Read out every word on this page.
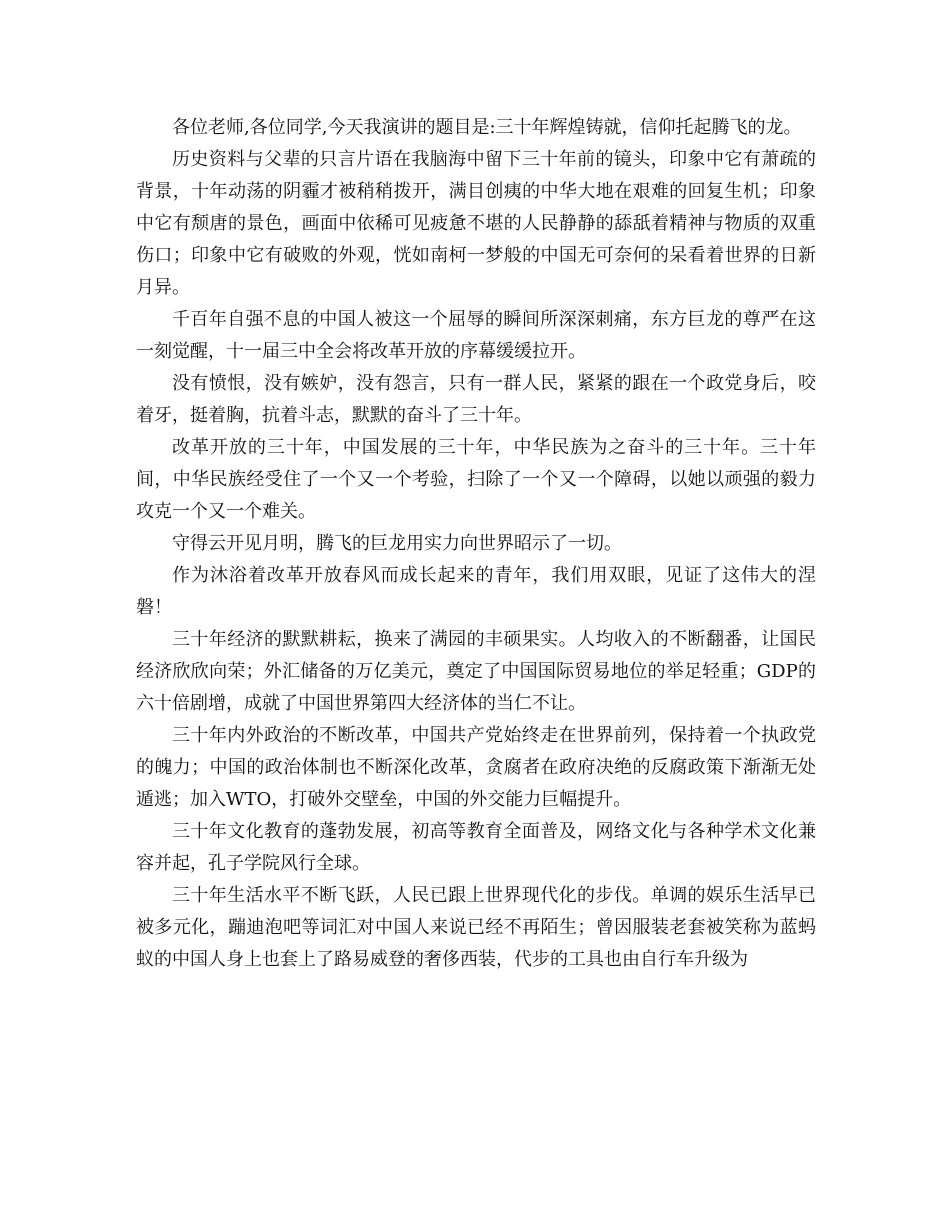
各位老师,各位同学,今天我演讲的题目是:三十年辉煌铸就，信仰托起腾飞的龙。

历史资料与父辈的只言片语在我脑海中留下三十年前的镜头，印象中它有萧疏的背景，十年动荡的阴霾才被稍稍拨开，满目创痍的中华大地在艰难的回复生机；印象中它有颓唐的景色，画面中依稀可见疲惫不堪的人民静静的舔舐着精神与物质的双重伤口；印象中它有破败的外观，恍如南柯一梦般的中国无可奈何的呆看着世界的日新月异。

千百年自强不息的中国人被这一个屈辱的瞬间所深深刺痛，东方巨龙的尊严在这一刻觉醒，十一届三中全会将改革开放的序幕缓缓拉开。

没有愤恨，没有嫉妒，没有怨言，只有一群人民，紧紧的跟在一个政党身后，咬着牙，挺着胸，抗着斗志，默默的奋斗了三十年。

改革开放的三十年，中国发展的三十年，中华民族为之奋斗的三十年。三十年间，中华民族经受住了一个又一个考验，扫除了一个又一个障碍，以她以顽强的毅力攻克一个又一个难关。

守得云开见月明，腾飞的巨龙用实力向世界昭示了一切。

作为沐浴着改革开放春风而成长起来的青年，我们用双眼，见证了这伟大的涅磐！

三十年经济的默默耕耘，换来了满园的丰硕果实。人均收入的不断翻番，让国民经济欣欣向荣；外汇储备的万亿美元，奠定了中国国际贸易地位的举足轻重；GDP的六十倍剧增，成就了中国世界第四大经济体的当仁不让。

三十年内外政治的不断改革，中国共产党始终走在世界前列，保持着一个执政党的魄力；中国的政治体制也不断深化改革，贪腐者在政府决绝的反腐政策下渐渐无处遁逃；加入WTO，打破外交壁垒，中国的外交能力巨幅提升。

三十年文化教育的蓬勃发展，初高等教育全面普及，网络文化与各种学术文化兼容并起，孔子学院风行全球。

三十年生活水平不断飞跃，人民已跟上世界现代化的步伐。单调的娱乐生活早已被多元化，蹦迪泡吧等词汇对中国人来说已经不再陌生；曾因服装老套被笑称为蓝蚂蚁的中国人身上也套上了路易威登的奢侈西装，代步的工具也由自行车升级为
